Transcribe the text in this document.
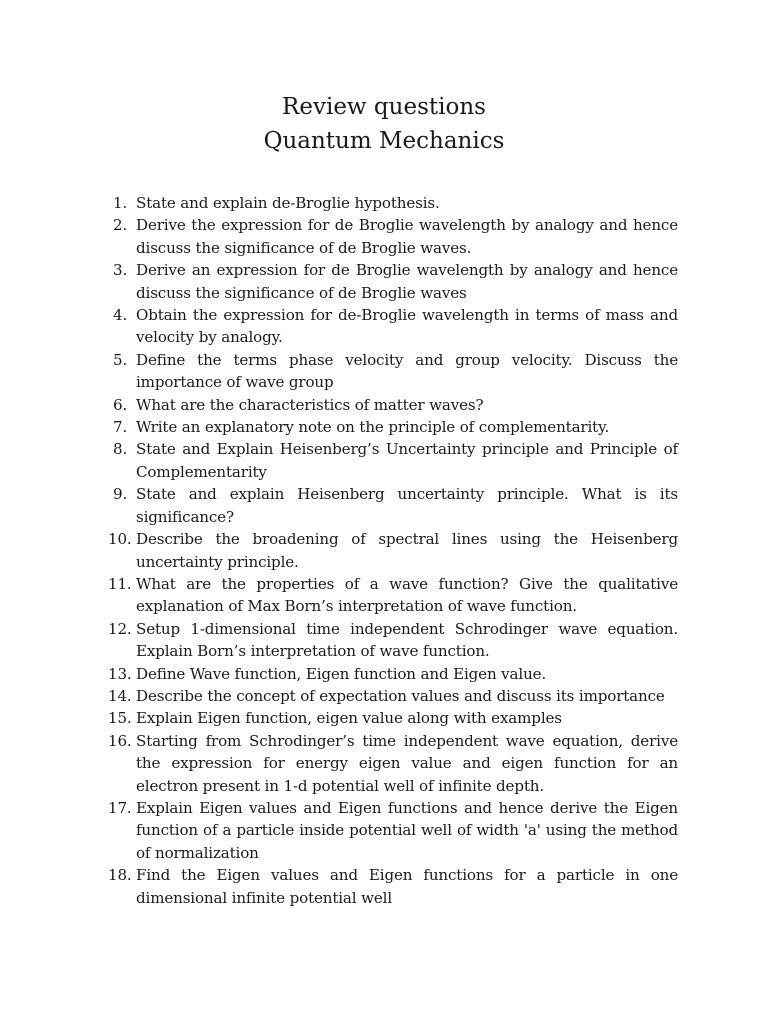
Review questions
Quantum Mechanics
1. State and explain de-Broglie hypothesis.
2. Derive the expression for de Broglie wavelength by analogy and hence discuss the significance of de Broglie waves.
3. Derive an expression for de Broglie wavelength by analogy and hence discuss the significance of de Broglie waves
4. Obtain the expression for de-Broglie wavelength in terms of mass and velocity by analogy.
5. Define the terms phase velocity and group velocity. Discuss the importance of wave group
6. What are the characteristics of matter waves?
7. Write an explanatory note on the principle of complementarity.
8. State and Explain Heisenberg’s Uncertainty principle and Principle of Complementarity
9. State and explain Heisenberg uncertainty principle. What is its significance?
10. Describe the broadening of spectral lines using the Heisenberg uncertainty principle.
11. What are the properties of a wave function? Give the qualitative explanation of Max Born’s interpretation of wave function.
12. Setup 1-dimensional time independent Schrodinger wave equation. Explain Born’s interpretation of wave function.
13. Define Wave function, Eigen function and Eigen value.
14. Describe the concept of expectation values and discuss its importance
15. Explain Eigen function, eigen value along with examples
16. Starting from Schrodinger’s time independent wave equation, derive the expression for energy eigen value and eigen function for an electron present in 1-d potential well of infinite depth.
17. Explain Eigen values and Eigen functions and hence derive the Eigen function of a particle inside potential well of width 'a' using the method of normalization
18. Find the Eigen values and Eigen functions for a particle in one dimensional infinite potential well
